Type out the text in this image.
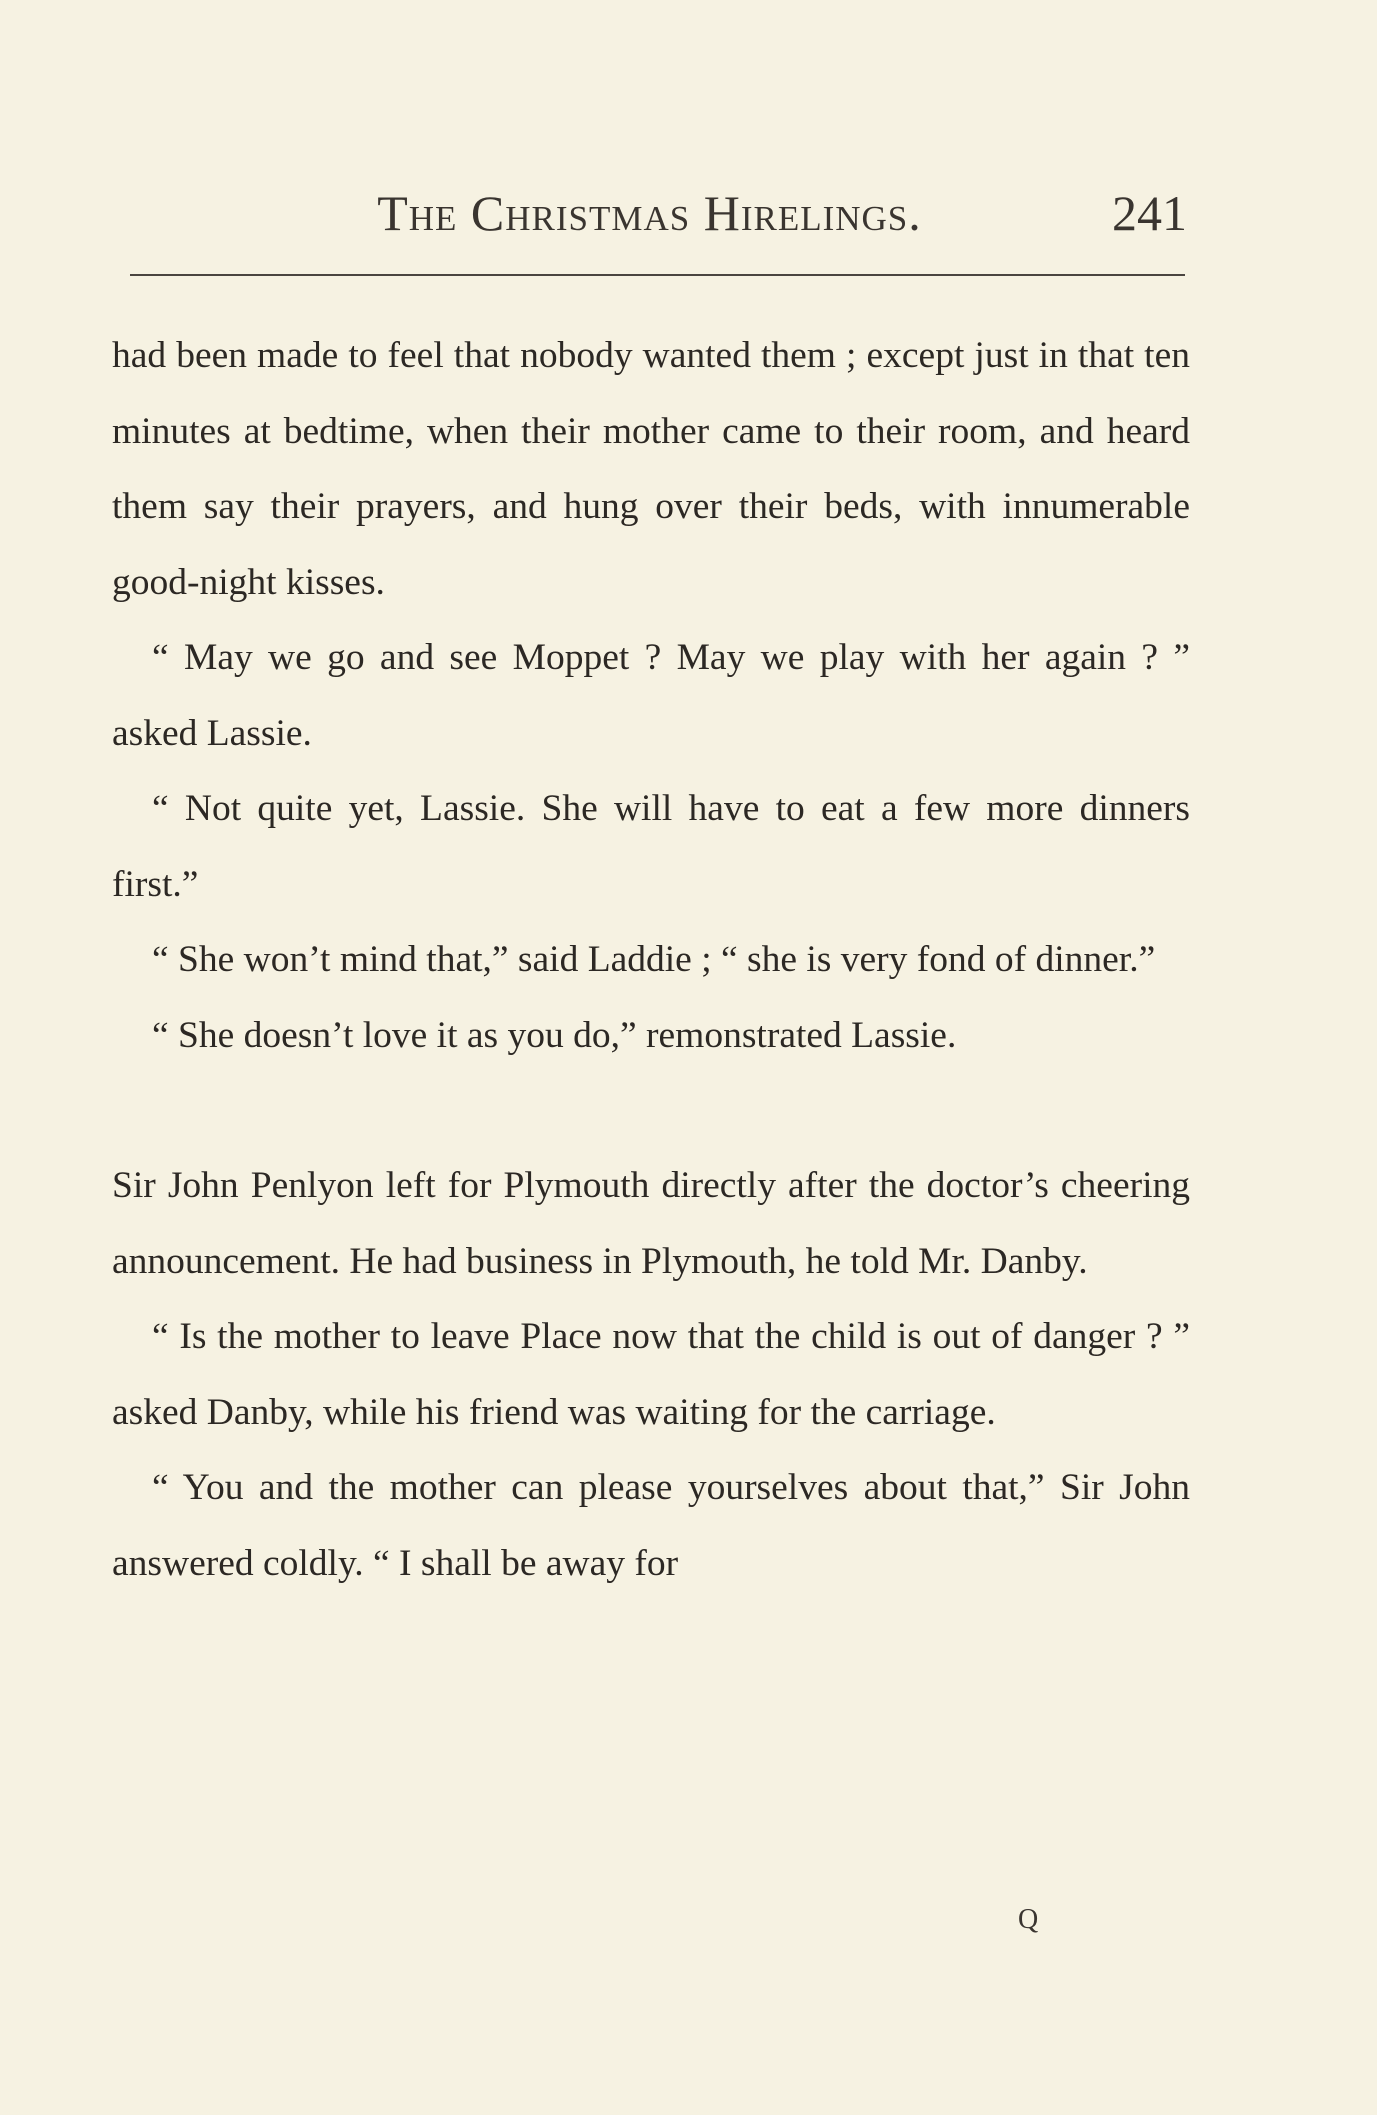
The Christmas Hirelings.	241

had been made to feel that nobody wanted them ; except just in that ten minutes at bedtime, when their mother came to their room, and heard them say their prayers, and hung over their beds, with innumerable good-night kisses.

“ May we go and see Moppet ? May we play with her again ? ” asked Lassie.

“ Not quite yet, Lassie. She will have to eat a few more dinners first.”

“ She won’t mind that,” said Laddie ; “ she is very fond of dinner.”

“ She doesn’t love it as you do,” remonstrated Lassie.

Sir John Penlyon left for Plymouth directly after the doctor’s cheering announcement. He had business in Plymouth, he told Mr. Danby.

“ Is the mother to leave Place now that the child is out of danger ? ” asked Danby, while his friend was waiting for the carriage.

“ You and the mother can please yourselves about that,” Sir John answered coldly. “ I shall be away for

Q
